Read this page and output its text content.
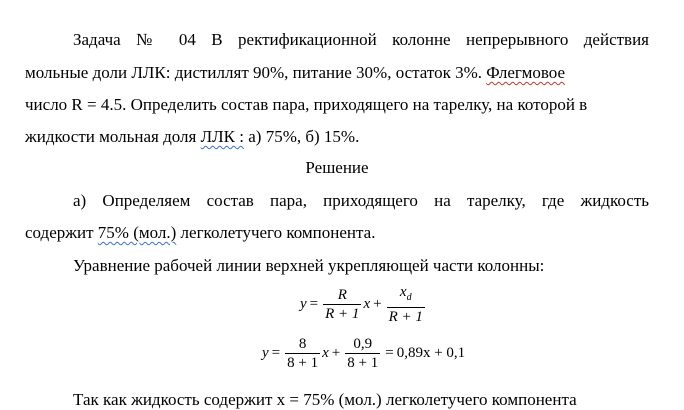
Задача № 04 В ректификационной колонне непрерывного действия
мольные доли ЛЛК: дистиллят 90%, питание 30%, остаток 3%. Флегмовое
число R = 4.5. Определить состав пара, приходящего на тарелку, на которой в
жидкости мольная доля ЛЛК : а) 75%, б) 15%.
Решение
а) Определяем состав пара, приходящего на тарелку, где жидкость
содержит 75% (мол.) легколетучего компонента.
Уравнение рабочей линии верхней укрепляющей части колонны:
$y = \frac{R}{R + 1}$ $x + \frac{x_d}{R + 1}$
$y = \frac{8}{8 + 1}$ $x + \frac{0,9}{8 + 1} = 0,89x + 0,1$
Так как жидкость содержит x = 75% (мол.) легколетучего компонента
